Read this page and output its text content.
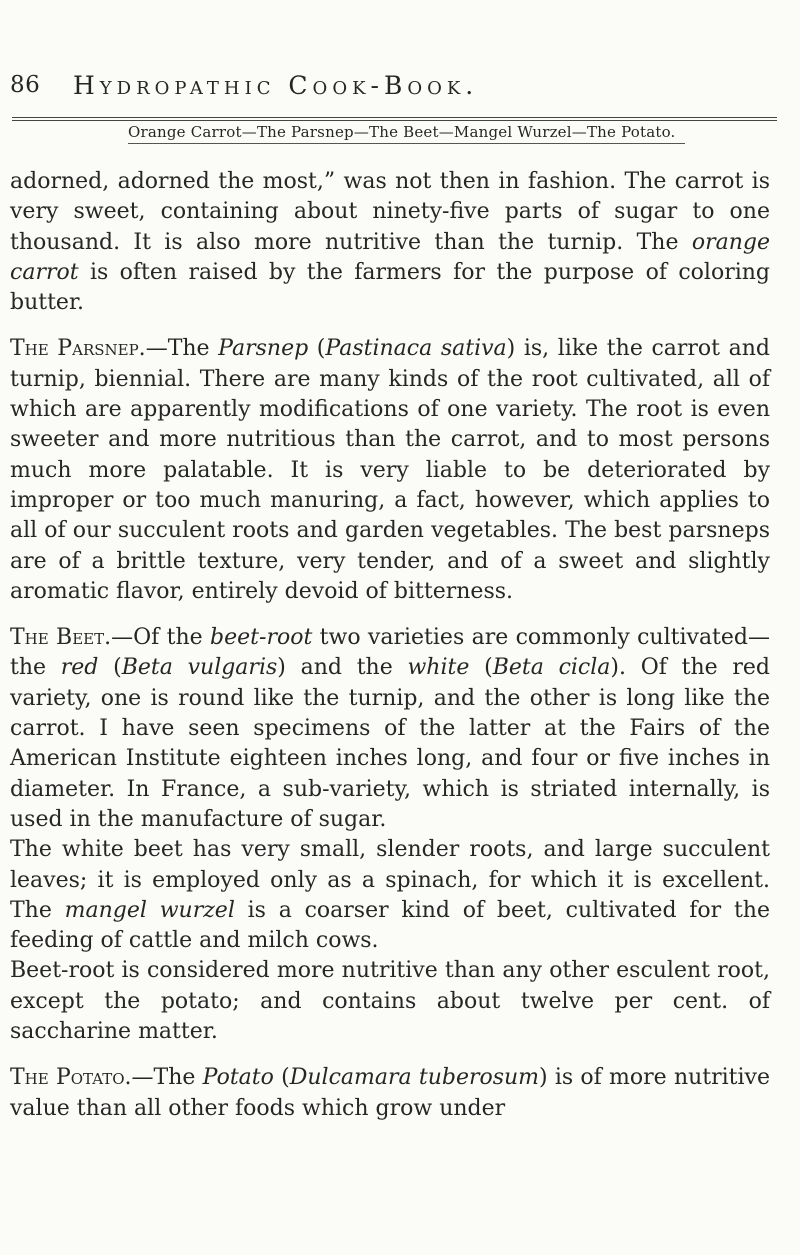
86 Hydropathic Cook-Book.
Orange Carrot—The Parsnep—The Beet—Mangel Wurzel—The Potato.

adorned, adorned the most,” was not then in fashion. The carrot is very sweet, containing about ninety-five parts of sugar to one thousand. It is also more nutritive than the turnip. The orange carrot is often raised by the farmers for the purpose of coloring butter.

The Parsnep.—The Parsnep (Pastinaca sativa) is, like the carrot and turnip, biennial. There are many kinds of the root cultivated, all of which are apparently modifications of one variety. The root is even sweeter and more nutritious than the carrot, and to most persons much more palatable. It is very liable to be deteriorated by improper or too much manuring, a fact, however, which applies to all of our succulent roots and garden vegetables. The best parsneps are of a brittle texture, very tender, and of a sweet and slightly aromatic flavor, entirely devoid of bitterness.

The Beet.—Of the beet-root two varieties are commonly cultivated—the red (Beta vulgaris) and the white (Beta cicla). Of the red variety, one is round like the turnip, and the other is long like the carrot. I have seen specimens of the latter at the Fairs of the American Institute eighteen inches long, and four or five inches in diameter. In France, a sub-variety, which is striated internally, is used in the manufacture of sugar.

The white beet has very small, slender roots, and large succulent leaves; it is employed only as a spinach, for which it is excellent. The mangel wurzel is a coarser kind of beet, cultivated for the feeding of cattle and milch cows.

Beet-root is considered more nutritive than any other esculent root, except the potato; and contains about twelve per cent. of saccharine matter.

The Potato.—The Potato (Dulcamara tuberosum) is of more nutritive value than all other foods which grow under
